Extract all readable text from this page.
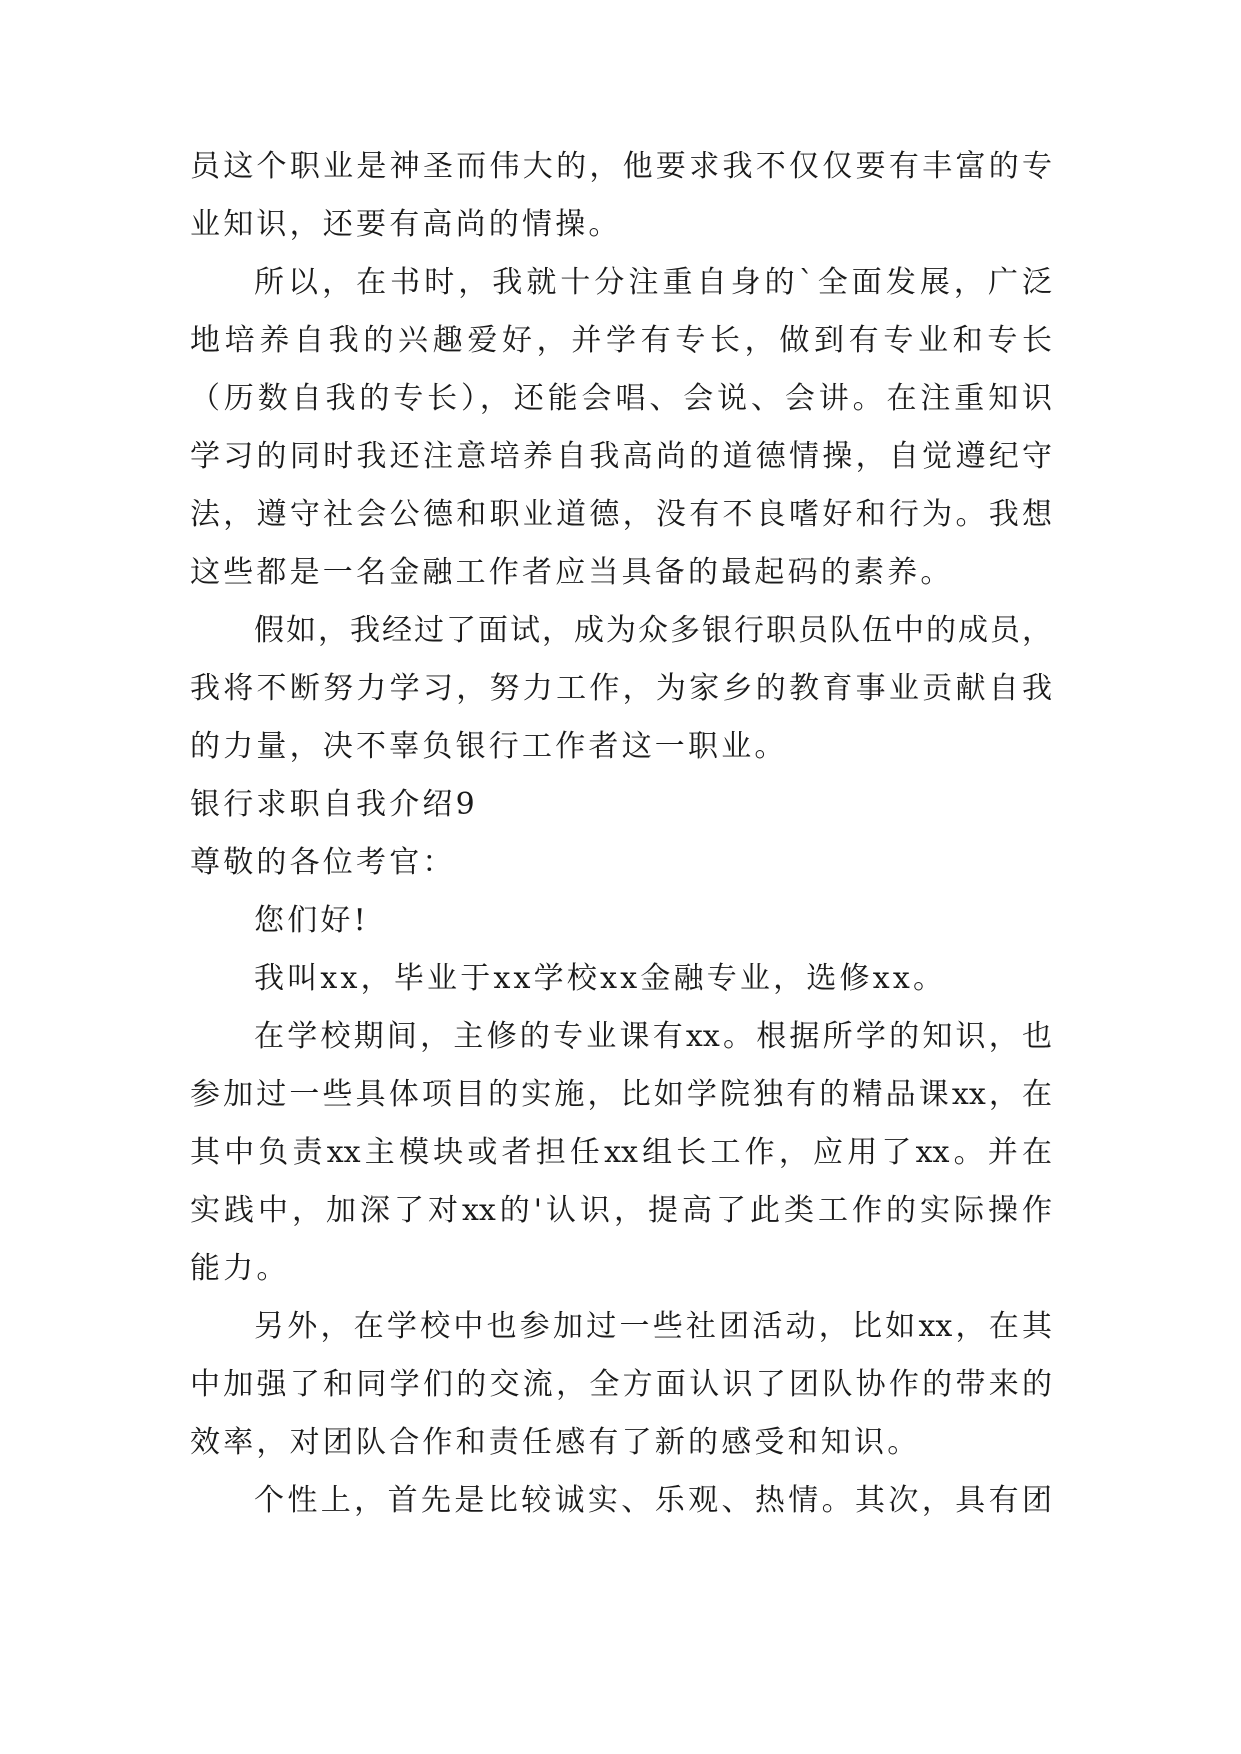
员这个职业是神圣而伟大的，他要求我不仅仅要有丰富的专
业知识，还要有高尚的情操。
所以，在书时，我就十分注重自身的`全面发展，广泛
地培养自我的兴趣爱好，并学有专长，做到有专业和专长
（历数自我的专长），还能会唱、会说、会讲。在注重知识
学习的同时我还注意培养自我高尚的道德情操，自觉遵纪守
法，遵守社会公德和职业道德，没有不良嗜好和行为。我想
这些都是一名金融工作者应当具备的最起码的素养。
假如，我经过了面试，成为众多银行职员队伍中的成员，
我将不断努力学习，努力工作，为家乡的教育事业贡献自我
的力量，决不辜负银行工作者这一职业。
银行求职自我介绍9
尊敬的各位考官：
您们好!
我叫xx，毕业于xx学校xx金融专业，选修xx。
在学校期间，主修的专业课有xx。根据所学的知识，也
参加过一些具体项目的实施，比如学院独有的精品课xx，在
其中负责xx主模块或者担任xx组长工作，应用了xx。并在
实践中，加深了对xx的'认识，提高了此类工作的实际操作
能力。
另外，在学校中也参加过一些社团活动，比如xx，在其
中加强了和同学们的交流，全方面认识了团队协作的带来的
效率，对团队合作和责任感有了新的感受和知识。
个性上，首先是比较诚实、乐观、热情。其次，具有团
